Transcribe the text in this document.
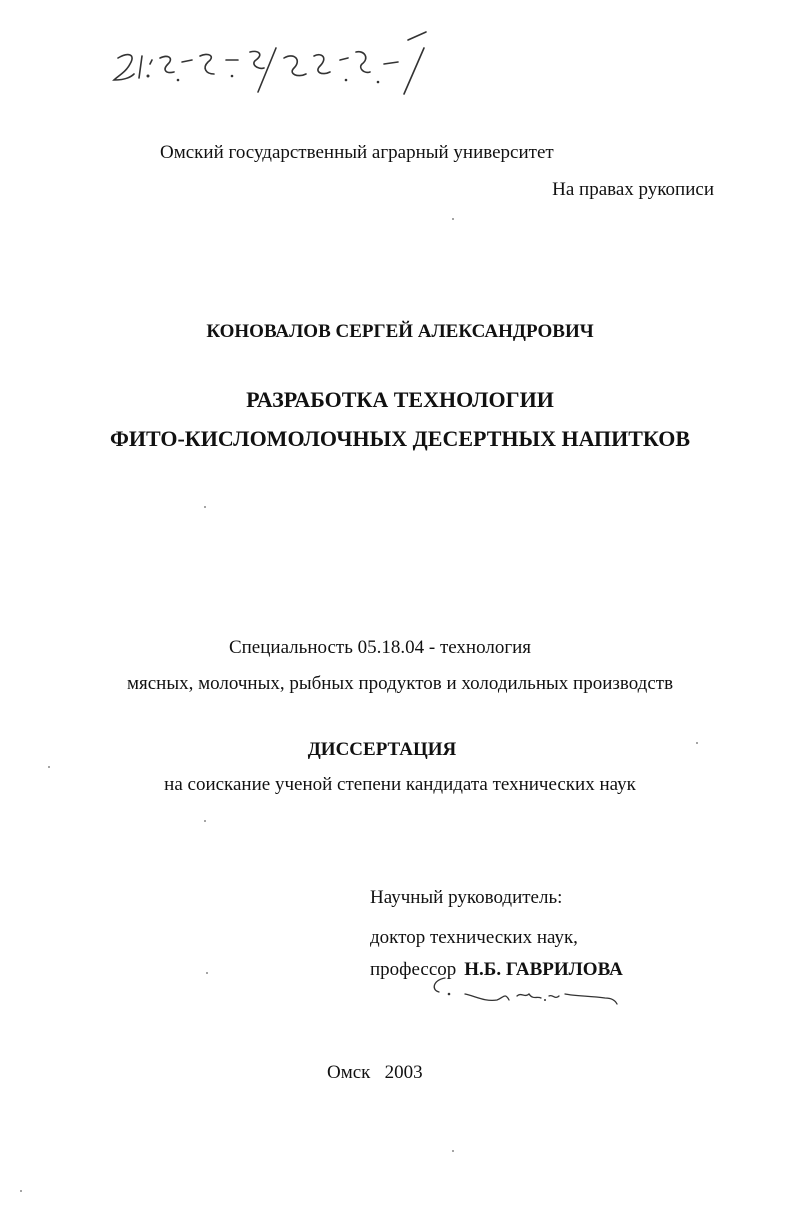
Омский государственный аграрный университет
На правах рукописи
КОНОВАЛОВ СЕРГЕЙ АЛЕКСАНДРОВИЧ
РАЗРАБОТКА ТЕХНОЛОГИИ
ФИТО-КИСЛОМОЛОЧНЫХ ДЕСЕРТНЫХ НАПИТКОВ
Специальность 05.18.04 - технология
мясных, молочных, рыбных продуктов и холодильных производств
ДИССЕРТАЦИЯ
на соискание ученой степени кандидата технических наук
Научный руководитель:
доктор технических наук,
профессор Н.Б. ГАВРИЛОВА
Омск   2003
